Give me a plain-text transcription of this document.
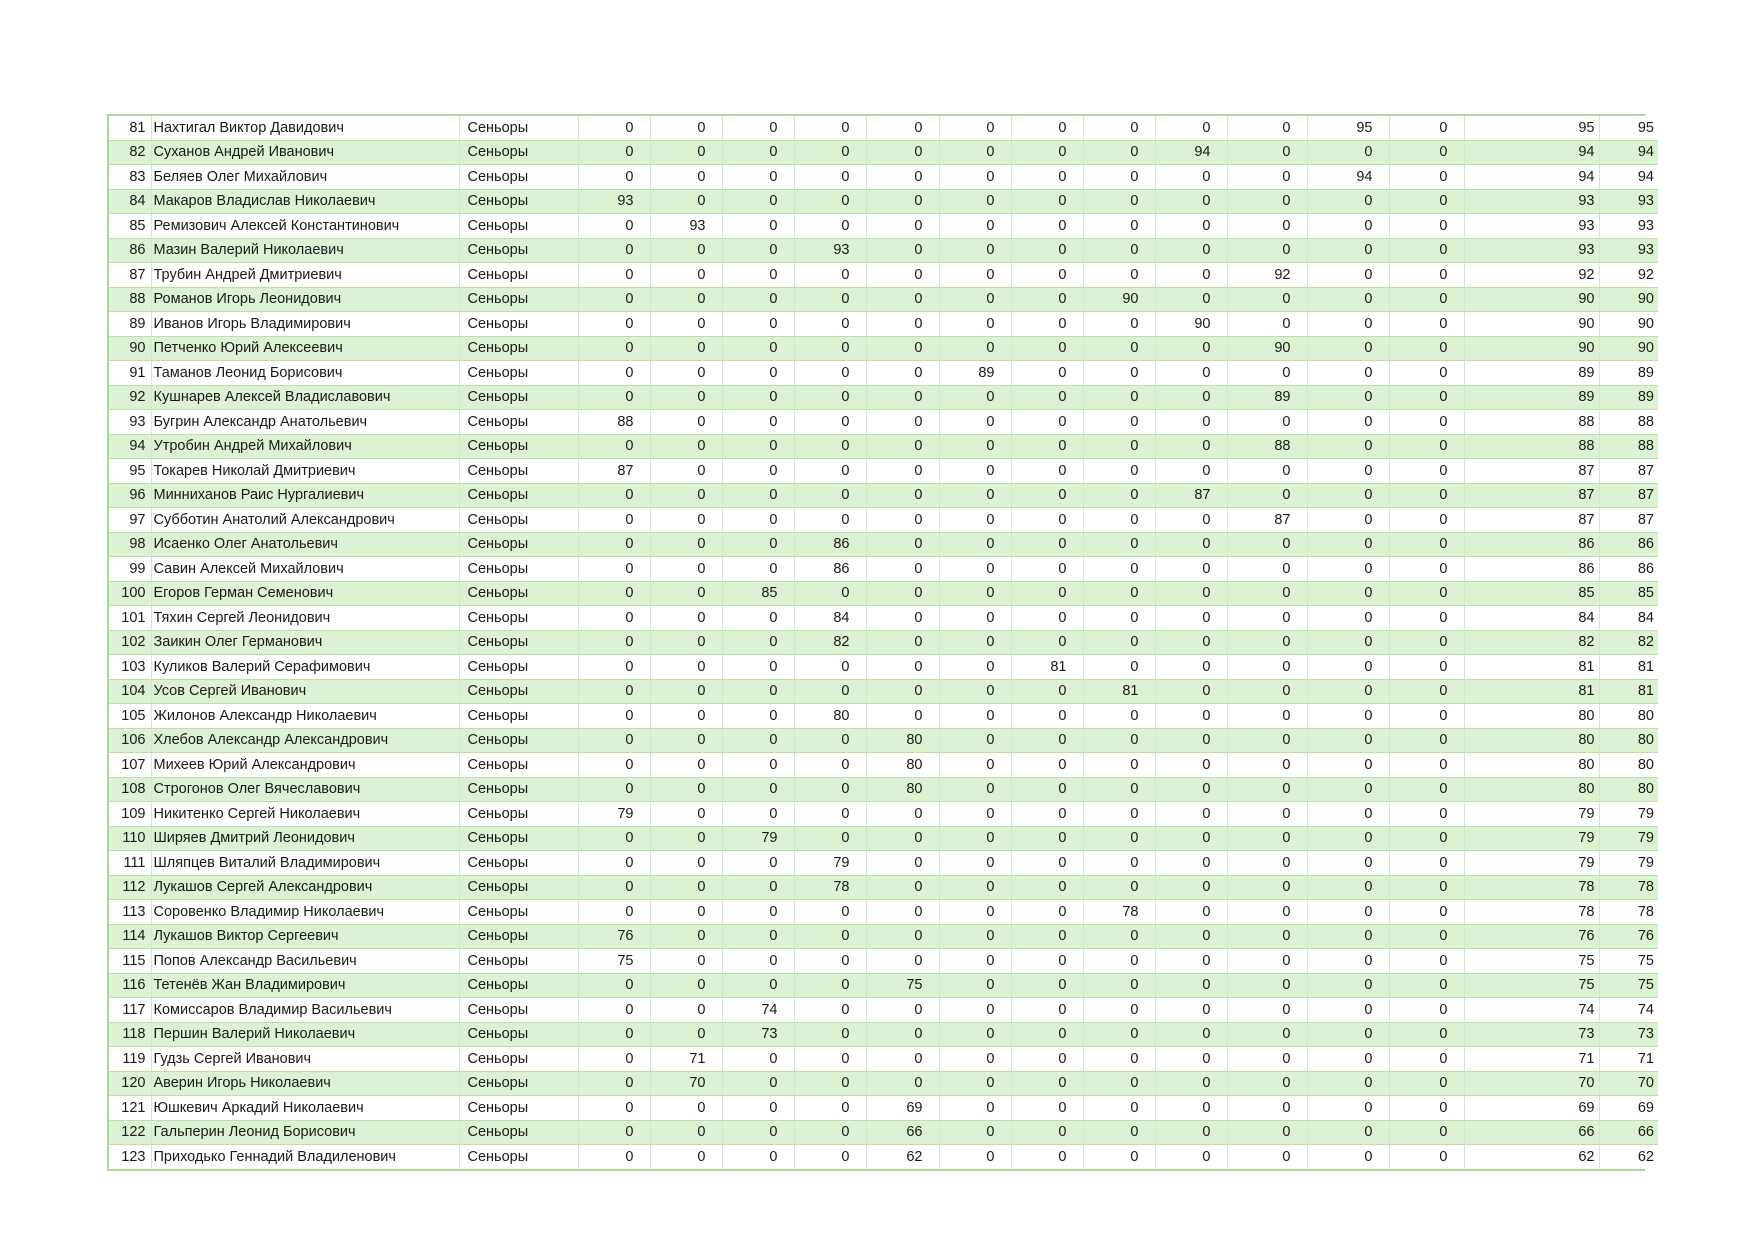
81	Нахтигал Виктор Давидович	Сеньоры	0	0	0	0	0	0	0	0	0	0	95	0	95	95
82	Суханов Андрей Иванович	Сеньоры	0	0	0	0	0	0	0	0	94	0	0	0	94	94
83	Беляев Олег Михайлович	Сеньоры	0	0	0	0	0	0	0	0	0	0	94	0	94	94
84	Макаров Владислав Николаевич	Сеньоры	93	0	0	0	0	0	0	0	0	0	0	0	93	93
85	Ремизович Алексей Константинович	Сеньоры	0	93	0	0	0	0	0	0	0	0	0	0	93	93
86	Мазин Валерий Николаевич	Сеньоры	0	0	0	93	0	0	0	0	0	0	0	0	93	93
87	Трубин Андрей Дмитриевич	Сеньоры	0	0	0	0	0	0	0	0	0	92	0	0	92	92
88	Романов Игорь Леонидович	Сеньоры	0	0	0	0	0	0	0	90	0	0	0	0	90	90
89	Иванов Игорь Владимирович	Сеньоры	0	0	0	0	0	0	0	0	90	0	0	0	90	90
90	Петченко Юрий Алексеевич	Сеньоры	0	0	0	0	0	0	0	0	0	90	0	0	90	90
91	Таманов Леонид Борисович	Сеньоры	0	0	0	0	0	89	0	0	0	0	0	0	89	89
92	Кушнарев Алексей Владиславович	Сеньоры	0	0	0	0	0	0	0	0	0	89	0	0	89	89
93	Бугрин Александр Анатольевич	Сеньоры	88	0	0	0	0	0	0	0	0	0	0	0	88	88
94	Утробин Андрей Михайлович	Сеньоры	0	0	0	0	0	0	0	0	0	88	0	0	88	88
95	Токарев Николай Дмитриевич	Сеньоры	87	0	0	0	0	0	0	0	0	0	0	0	87	87
96	Минниханов Раис Нургалиевич	Сеньоры	0	0	0	0	0	0	0	0	87	0	0	0	87	87
97	Субботин Анатолий Александрович	Сеньоры	0	0	0	0	0	0	0	0	0	87	0	0	87	87
98	Исаенко Олег Анатольевич	Сеньоры	0	0	0	86	0	0	0	0	0	0	0	0	86	86
99	Савин Алексей Михайлович	Сеньоры	0	0	0	86	0	0	0	0	0	0	0	0	86	86
100	Егоров Герман Семенович	Сеньоры	0	0	85	0	0	0	0	0	0	0	0	0	85	85
101	Тяхин Сергей Леонидович	Сеньоры	0	0	0	84	0	0	0	0	0	0	0	0	84	84
102	Заикин Олег Германович	Сеньоры	0	0	0	82	0	0	0	0	0	0	0	0	82	82
103	Куликов Валерий Серафимович	Сеньоры	0	0	0	0	0	0	81	0	0	0	0	0	81	81
104	Усов Сергей Иванович	Сеньоры	0	0	0	0	0	0	0	81	0	0	0	0	81	81
105	Жилонов Александр Николаевич	Сеньоры	0	0	0	80	0	0	0	0	0	0	0	0	80	80
106	Хлебов Александр Александрович	Сеньоры	0	0	0	0	80	0	0	0	0	0	0	0	80	80
107	Михеев Юрий Александрович	Сеньоры	0	0	0	0	80	0	0	0	0	0	0	0	80	80
108	Строгонов Олег Вячеславович	Сеньоры	0	0	0	0	80	0	0	0	0	0	0	0	80	80
109	Никитенко Сергей Николаевич	Сеньоры	79	0	0	0	0	0	0	0	0	0	0	0	79	79
110	Ширяев Дмитрий Леонидович	Сеньоры	0	0	79	0	0	0	0	0	0	0	0	0	79	79
111	Шляпцев Виталий Владимирович	Сеньоры	0	0	0	79	0	0	0	0	0	0	0	0	79	79
112	Лукашов Сергей Александрович	Сеньоры	0	0	0	78	0	0	0	0	0	0	0	0	78	78
113	Соровенко Владимир Николаевич	Сеньоры	0	0	0	0	0	0	0	78	0	0	0	0	78	78
114	Лукашов Виктор Сергеевич	Сеньоры	76	0	0	0	0	0	0	0	0	0	0	0	76	76
115	Попов Александр Васильевич	Сеньоры	75	0	0	0	0	0	0	0	0	0	0	0	75	75
116	Тетенёв Жан Владимирович	Сеньоры	0	0	0	0	75	0	0	0	0	0	0	0	75	75
117	Комиссаров Владимир Васильевич	Сеньоры	0	0	74	0	0	0	0	0	0	0	0	0	74	74
118	Першин Валерий Николаевич	Сеньоры	0	0	73	0	0	0	0	0	0	0	0	0	73	73
119	Гудзь Сергей Иванович	Сеньоры	0	71	0	0	0	0	0	0	0	0	0	0	71	71
120	Аверин Игорь Николаевич	Сеньоры	0	70	0	0	0	0	0	0	0	0	0	0	70	70
121	Юшкевич Аркадий Николаевич	Сеньоры	0	0	0	0	69	0	0	0	0	0	0	0	69	69
122	Гальперин Леонид Борисович	Сеньоры	0	0	0	0	66	0	0	0	0	0	0	0	66	66
123	Приходько Геннадий Владиленович	Сеньоры	0	0	0	0	62	0	0	0	0	0	0	0	62	62
